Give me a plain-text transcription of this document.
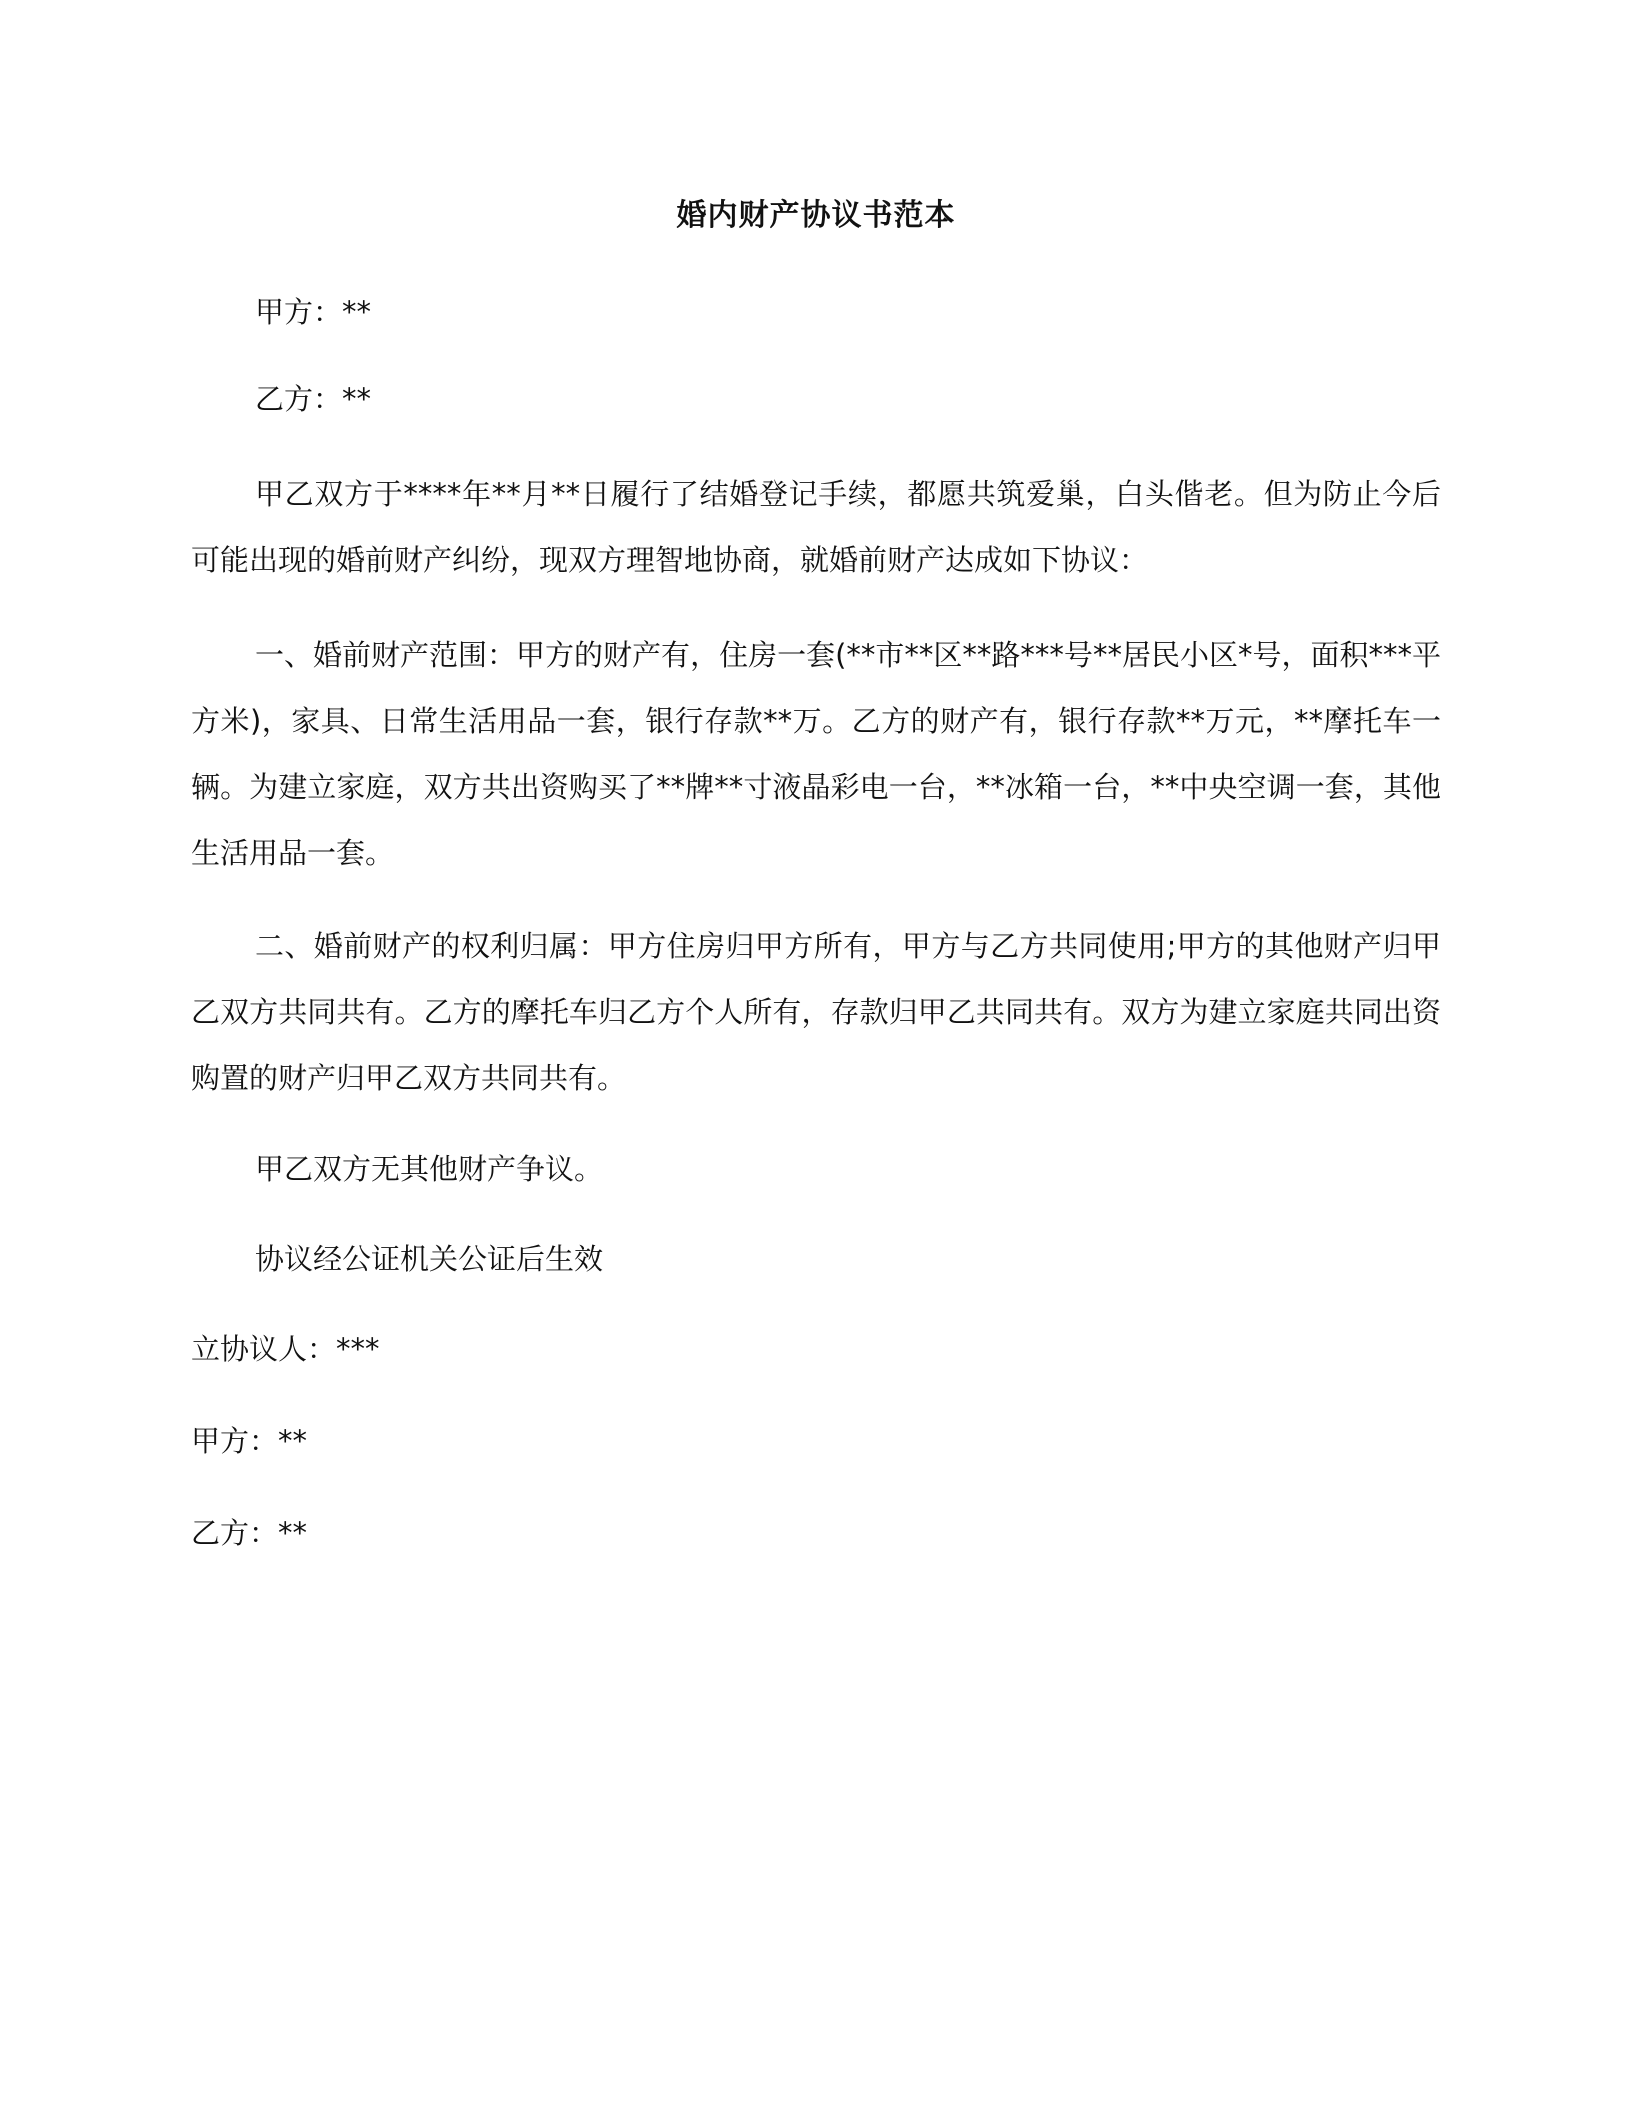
婚内财产协议书范本
甲方：**
乙方：**
甲乙双方于****年**月**日履行了结婚登记手续，都愿共筑爱巢，白头偕老。但为防止今后可能出现的婚前财产纠纷，现双方理智地协商，就婚前财产达成如下协议：
一、婚前财产范围：甲方的财产有，住房一套(**市**区**路***号**居民小区*号，面积***平方米)，家具、日常生活用品一套，银行存款**万。乙方的财产有，银行存款**万元，**摩托车一辆。为建立家庭，双方共出资购买了**牌**寸液晶彩电一台，**冰箱一台，**中央空调一套，其他生活用品一套。
二、婚前财产的权利归属：甲方住房归甲方所有，甲方与乙方共同使用;甲方的其他财产归甲乙双方共同共有。乙方的摩托车归乙方个人所有，存款归甲乙共同共有。双方为建立家庭共同出资购置的财产归甲乙双方共同共有。
甲乙双方无其他财产争议。
协议经公证机关公证后生效
立协议人：***
甲方：**
乙方：**
